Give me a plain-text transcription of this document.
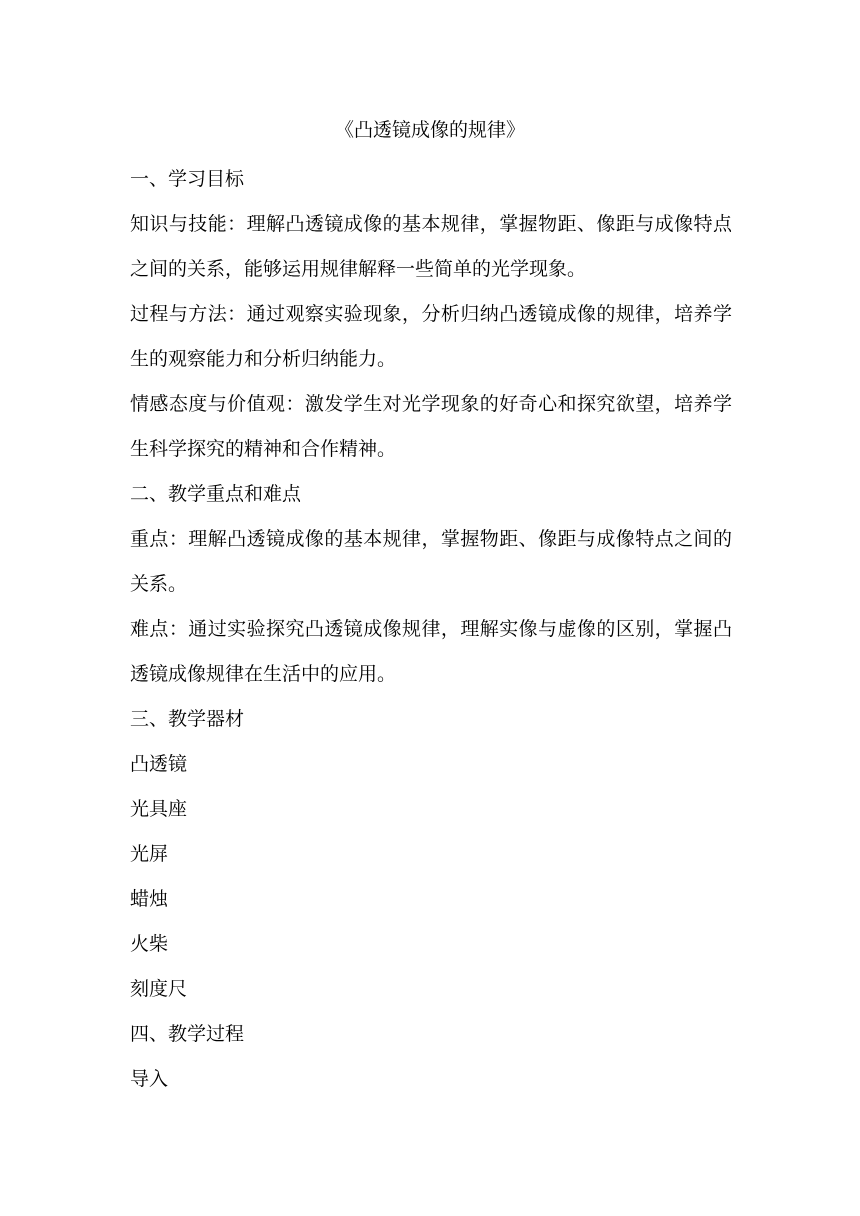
《凸透镜成像的规律》

一、学习目标

知识与技能：理解凸透镜成像的基本规律，掌握物距、像距与成像特点之间的关系，能够运用规律解释一些简单的光学现象。

过程与方法：通过观察实验现象，分析归纳凸透镜成像的规律，培养学生的观察能力和分析归纳能力。

情感态度与价值观：激发学生对光学现象的好奇心和探究欲望，培养学生科学探究的精神和合作精神。

二、教学重点和难点

重点：理解凸透镜成像的基本规律，掌握物距、像距与成像特点之间的关系。

难点：通过实验探究凸透镜成像规律，理解实像与虚像的区别，掌握凸透镜成像规律在生活中的应用。

三、教学器材

凸透镜

光具座

光屏

蜡烛

火柴

刻度尺

四、教学过程

导入
